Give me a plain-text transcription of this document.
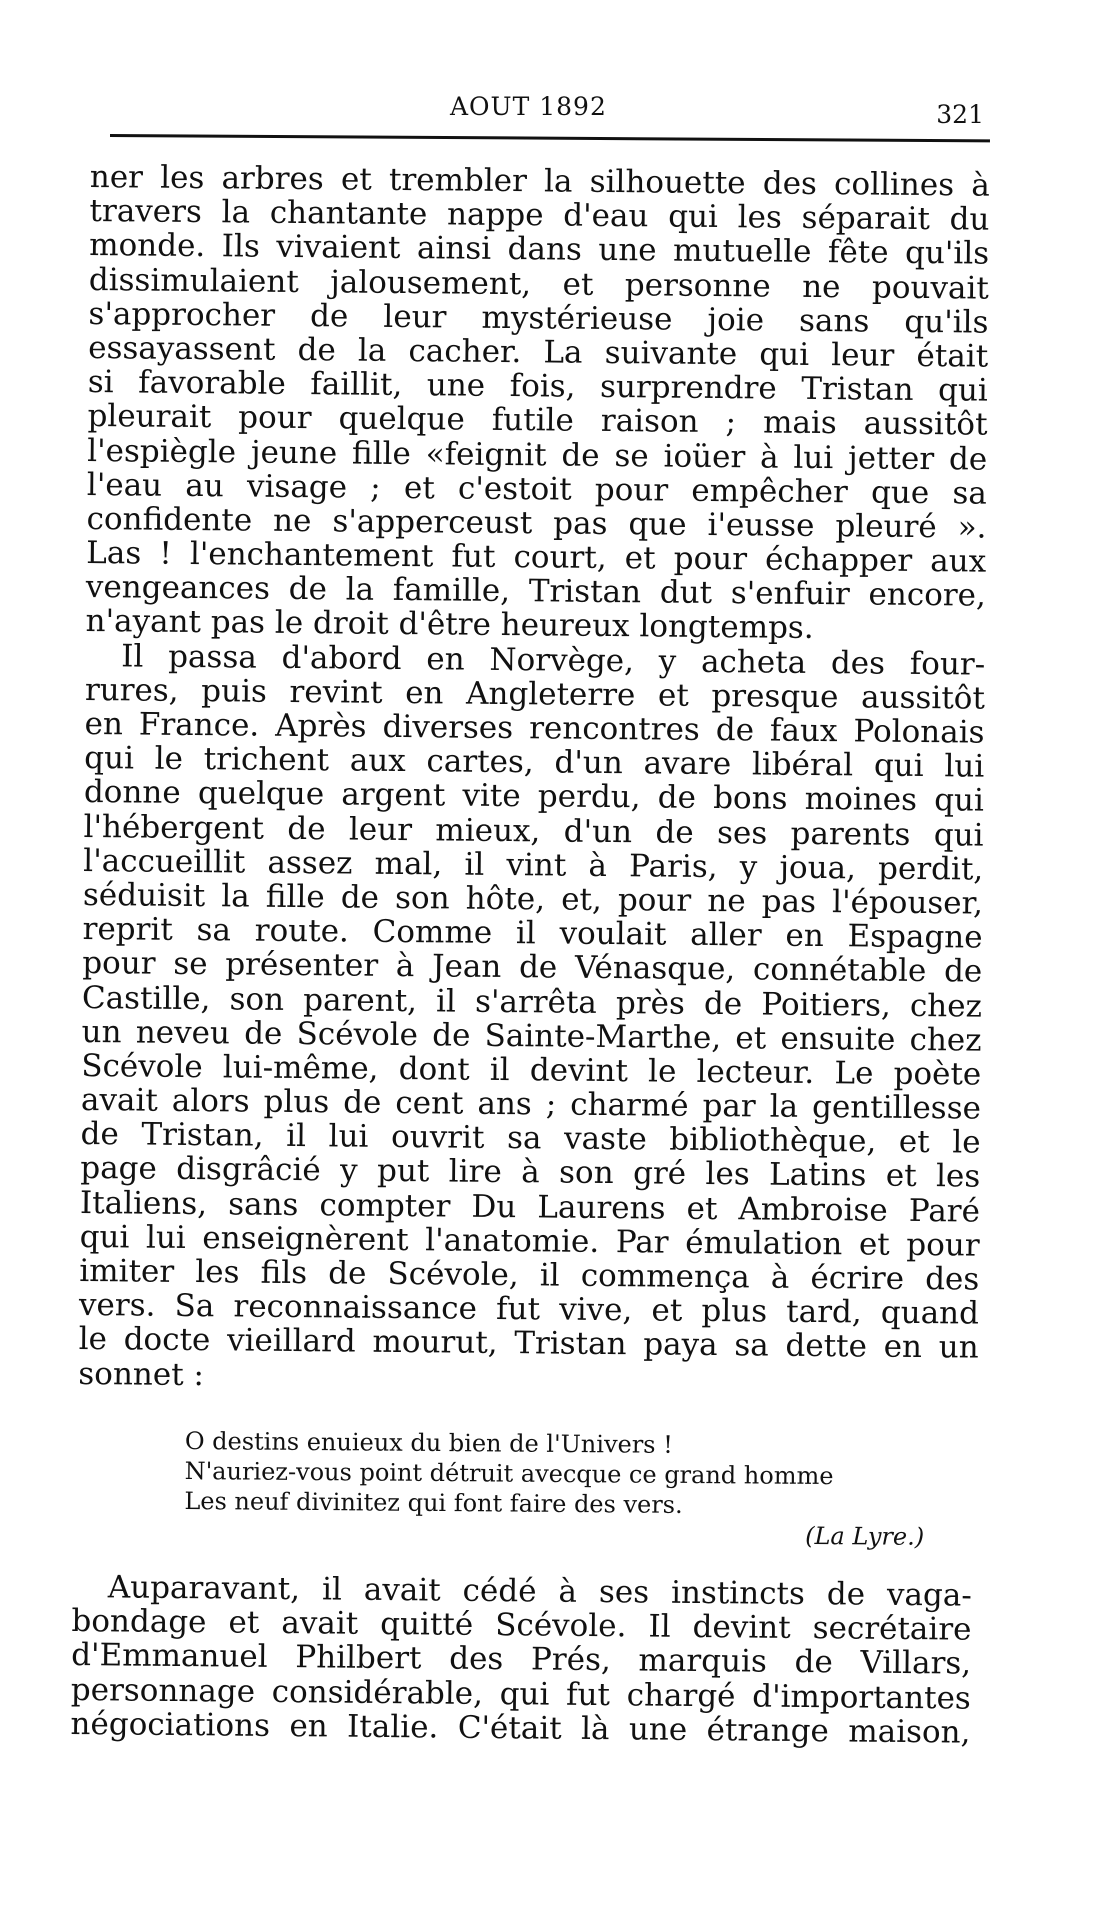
AOUT 1892	321
ner les arbres et trembler la silhouette des collines à
travers la chantante nappe d'eau qui les séparait du
monde. Ils vivaient ainsi dans une mutuelle fête qu'ils
dissimulaient jalousement, et personne ne pouvait
s'approcher de leur mystérieuse joie sans qu'ils
essayassent de la cacher. La suivante qui leur était
si favorable faillit, une fois, surprendre Tristan qui
pleurait pour quelque futile raison ; mais aussitôt
l'espiègle jeune fille «feignit de se ioüer à lui jetter de
l'eau au visage ; et c'estoit pour empêcher que sa
confidente ne s'apperceust pas que i'eusse pleuré ».
Las ! l'enchantement fut court, et pour échapper aux
vengeances de la famille, Tristan dut s'enfuir encore,
n'ayant pas le droit d'être heureux longtemps.
Il passa d'abord en Norvège, y acheta des four-
rures, puis revint en Angleterre et presque aussitôt
en France. Après diverses rencontres de faux Polonais
qui le trichent aux cartes, d'un avare libéral qui lui
donne quelque argent vite perdu, de bons moines qui
l'hébergent de leur mieux, d'un de ses parents qui
l'accueillit assez mal, il vint à Paris, y joua, perdit,
séduisit la fille de son hôte, et, pour ne pas l'épouser,
reprit sa route. Comme il voulait aller en Espagne
pour se présenter à Jean de Vénasque, connétable de
Castille, son parent, il s'arrêta près de Poitiers, chez
un neveu de Scévole de Sainte-Marthe, et ensuite chez
Scévole lui-même, dont il devint le lecteur. Le poète
avait alors plus de cent ans ; charmé par la gentillesse
de Tristan, il lui ouvrit sa vaste bibliothèque, et le
page disgrâcié y put lire à son gré les Latins et les
Italiens, sans compter Du Laurens et Ambroise Paré
qui lui enseignèrent l'anatomie. Par émulation et pour
imiter les fils de Scévole, il commença à écrire des
vers. Sa reconnaissance fut vive, et plus tard, quand
le docte vieillard mourut, Tristan paya sa dette en un
sonnet :
O destins enuieux du bien de l'Univers !
N'auriez-vous point détruit avecque ce grand homme
Les neuf divinitez qui font faire des vers.
(La Lyre.)
Auparavant, il avait cédé à ses instincts de vaga-
bondage et avait quitté Scévole. Il devint secrétaire
d'Emmanuel Philbert des Prés, marquis de Villars,
personnage considérable, qui fut chargé d'importantes
négociations en Italie. C'était là une étrange maison,
